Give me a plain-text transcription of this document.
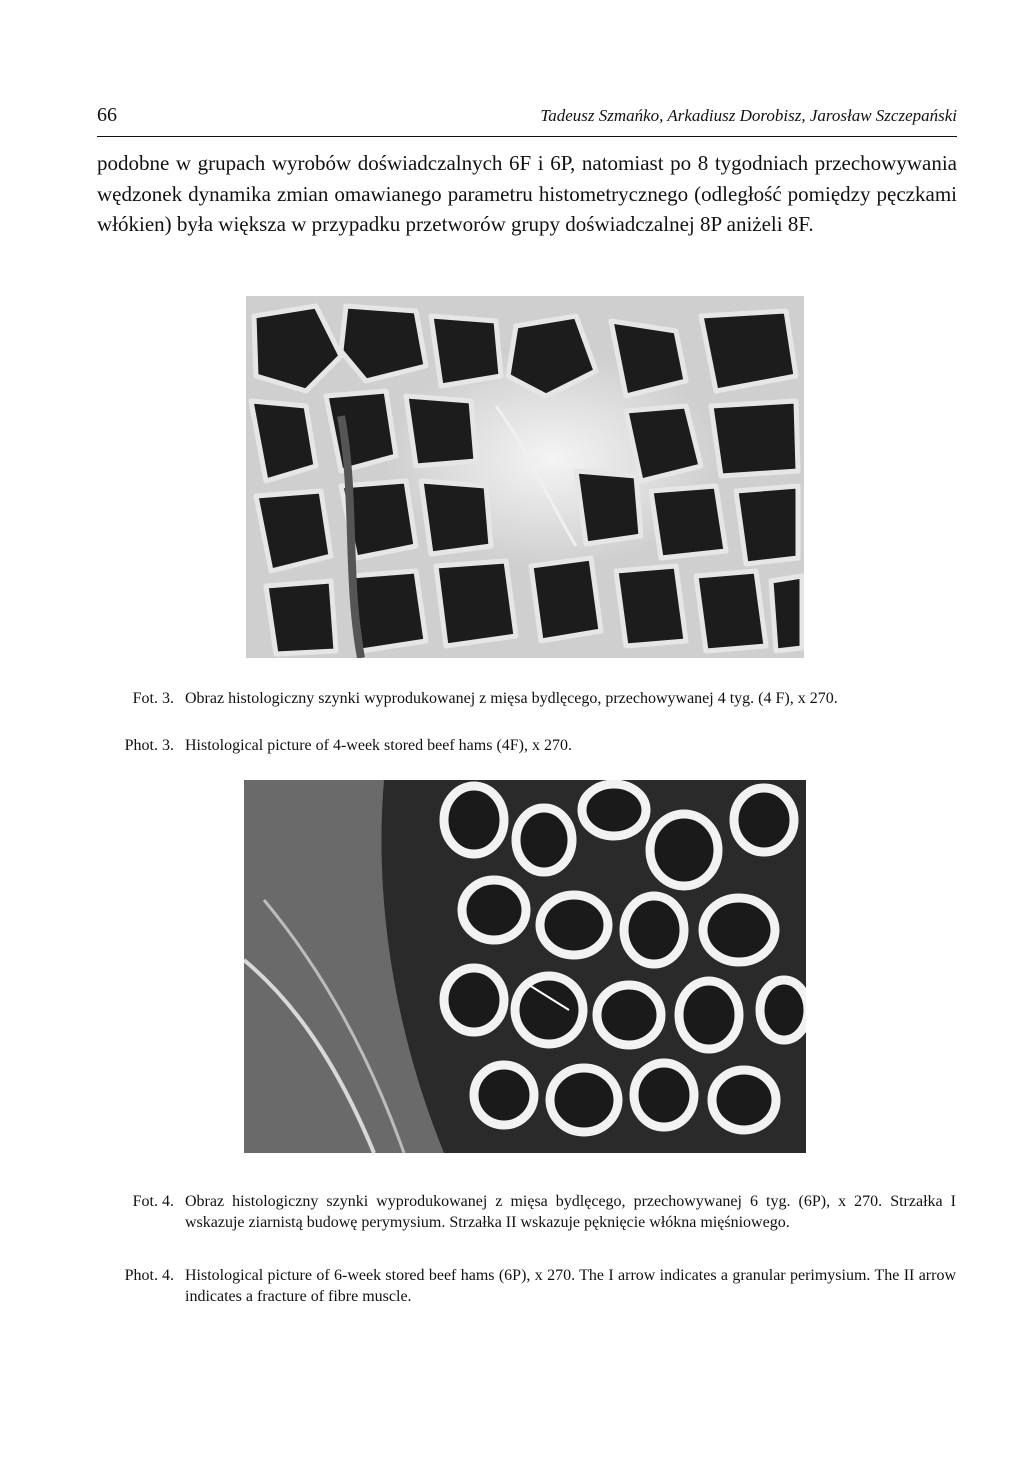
66	Tadeusz Szmańko, Arkadiusz Dorobisz, Jarosław Szczepański

podobne w grupach wyrobów doświadczalnych 6F i 6P, natomiast po 8 tygodniach przechowywania wędzonek dynamika zmian omawianego parametru histometrycznego (odległość pomiędzy pęczkami włókien) była większa w przypadku przetworów grupy doświadczalnej 8P aniżeli 8F.

Fot. 3. Obraz histologiczny szynki wyprodukowanej z mięsa bydlęcego, przechowywanej 4 tyg. (4 F), x 270.
Phot. 3. Histological picture of 4-week stored beef hams (4F), x 270.
Fot. 4. Obraz histologiczny szynki wyprodukowanej z mięsa bydlęcego, przechowywanej 6 tyg. (6P), x 270. Strzałka I wskazuje ziarnistą budowę perymysium. Strzałka II wskazuje pęknięcie włókna mięśniowego.
Phot. 4. Histological picture of 6-week stored beef hams (6P), x 270. The I arrow indicates a granular perimysium. The II arrow indicates a fracture of fibre muscle.
